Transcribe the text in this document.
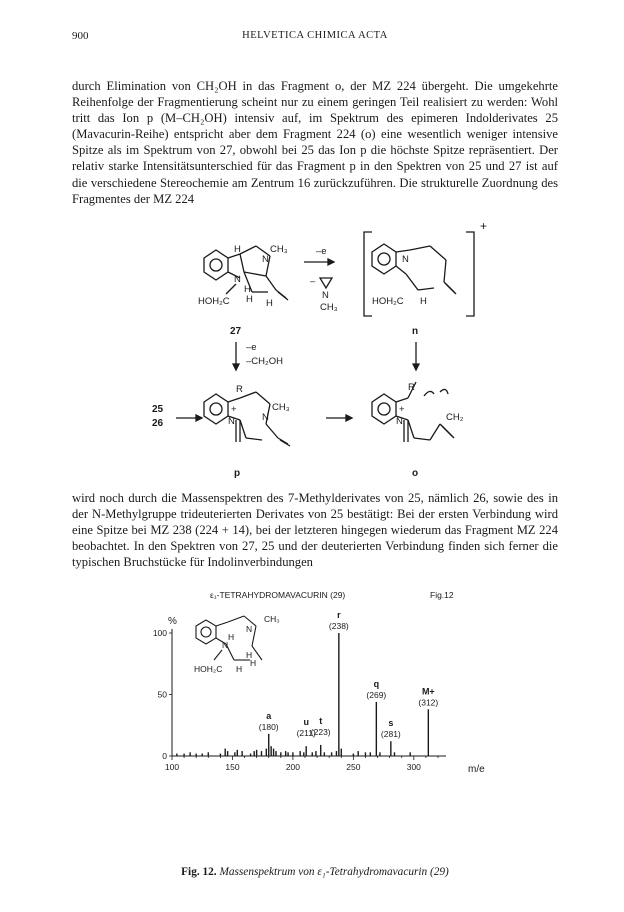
900	HELVETICA CHIMICA ACTA

durch Elimination von CH₂OH in das Fragment o, der MZ 224 übergeht. Die umgekehrte Reihenfolge der Fragmentierung scheint nur zu einem geringen Teil realisiert zu werden: Wohl tritt das Ion p (M–CH₂OH) intensiv auf, im Spektrum des epimeren Indolderivates 25 (Mavacurin-Reihe) entspricht aber dem Fragment 224 (o) eine wesentlich weniger intensive Spitze als im Spektrum von 27, obwohl bei 25 das Ion p die höchste Spitze repräsentiert. Der relativ starke Intensitätsunterschied für das Fragment p in den Spektren von 25 und 27 ist auf die verschiedene Stereochemie am Zentrum 16 zurückzuführen. Die strukturelle Zuordnung des Fragmentes der MZ 224

H	CH₃
N
N
H
H
HOH₂C H
–e
–
N
CH₃
+
N
HOH₂C H
27	n
–e
–CH₂OH
R
+	CH₃
N
N
25
26
R
+
N	CH₂
p	o

wird noch durch die Massenspektren des 7-Methylderivates von 25, nämlich 26, sowie des in der N-Methylgruppe trideuterierten Derivates von 25 bestätigt: Bei der ersten Verbindung wird eine Spitze bei MZ 238 (224 + 14), bei der letzteren hingegen wiederum das Fragment MZ 224 beobachtet. In den Spektren von 27, 25 und der deuterierten Verbindung finden sich ferner die typischen Bruchstücke für Indolinverbindungen

ε₁-TETRAHYDROMAVACURIN (29)	Fig.12
%
m/e
CH₃
N
N
H
H
H
HOH₂C H
100	150	200	250	300
0
50
100
a
(180)	u
(211)
t
(223)
r
(238)
q
(269)
s
(281)
M+
(312)
Fig. 12. Massenspektrum von ε₁-Tetrahydromavacurin (29)
